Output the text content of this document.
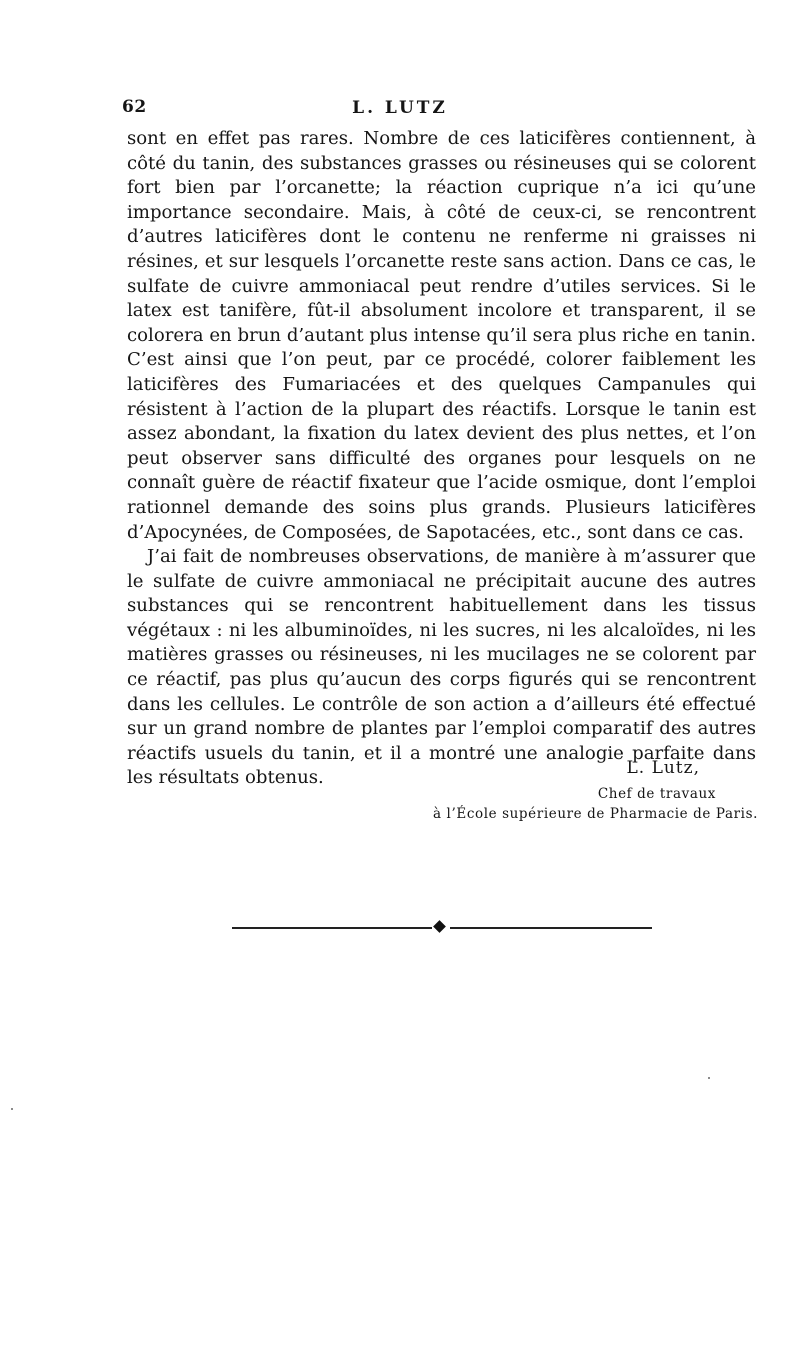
62	L. LUTZ

sont en effet pas rares. Nombre de ces laticifères contiennent, à côté du tanin, des substances grasses ou résineuses qui se colorent fort bien par l’orcanette; la réaction cuprique n’a ici qu’une importance secondaire. Mais, à côté de ceux-ci, se rencontrent d’autres laticifères dont le contenu ne renferme ni graisses ni résines, et sur lesquels l’orcanette reste sans action. Dans ce cas, le sulfate de cuivre ammoniacal peut rendre d’utiles services. Si le latex est tanifère, fût-il absolument incolore et transparent, il se colorera en brun d’autant plus intense qu’il sera plus riche en tanin. C’est ainsi que l’on peut, par ce procédé, colorer faiblement les laticifères des Fumariacées et des quelques Campanules qui résistent à l’action de la plupart des réactifs. Lorsque le tanin est assez abondant, la fixation du latex devient des plus nettes, et l’on peut observer sans difficulté des organes pour lesquels on ne connaît guère de réactif fixateur que l’acide osmique, dont l’emploi rationnel demande des soins plus grands. Plusieurs laticifères d’Apocynées, de Composées, de Sapotacées, etc., sont dans ce cas.

J’ai fait de nombreuses observations, de manière à m’assurer que le sulfate de cuivre ammoniacal ne précipitait aucune des autres substances qui se rencontrent habituellement dans les tissus végétaux : ni les albuminoïdes, ni les sucres, ni les alcaloïdes, ni les matières grasses ou résineuses, ni les mucilages ne se colorent par ce réactif, pas plus qu’aucun des corps figurés qui se rencontrent dans les cellules. Le contrôle de son action a d’ailleurs été effectué sur un grand nombre de plantes par l’emploi comparatif des autres réactifs usuels du tanin, et il a montré une analogie parfaite dans les résultats obtenus.	L. Lutz,
Chef de travaux
à l’École supérieure de Pharmacie de Paris.
